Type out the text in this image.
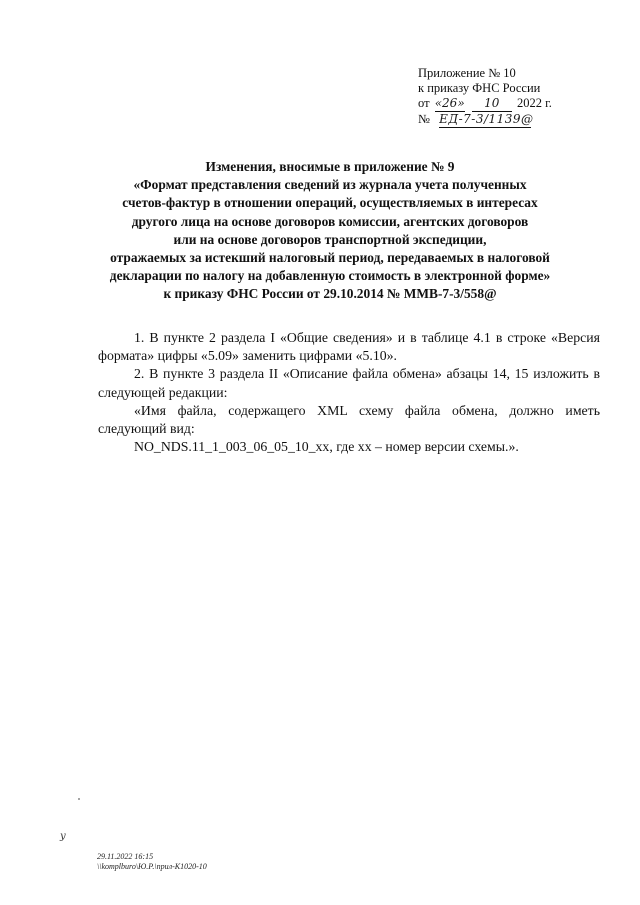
Приложение № 10
к приказу ФНС России
от «26» 10 2022 г.
№ ЕД-7-3/1139@
Изменения, вносимые в приложение № 9
«Формат представления сведений из журнала учета полученных
счетов-фактур в отношении операций, осуществляемых в интересах
другого лица на основе договоров комиссии, агентских договоров
или на основе договоров транспортной экспедиции,
отражаемых за истекший налоговый период, передаваемых в налоговой
декларации по налогу на добавленную стоимость в электронной форме»
к приказу ФНС России от 29.10.2014 № ММВ-7-3/558@

1. В пункте 2 раздела I «Общие сведения» и в таблице 4.1 в строке «Версия формата» цифры «5.09» заменить цифрами «5.10».

2. В пункте 3 раздела II «Описание файла обмена» абзацы 14, 15 изложить в следующей редакции:

«Имя файла, содержащего XML схему файла обмена, должно иметь следующий вид:

NO_NDS.11_1_003_06_05_10_xx, где хх – номер версии схемы.».

у
29.11.2022 16:15
\\komplburo\Ю.Р.\прил-К1020-10
